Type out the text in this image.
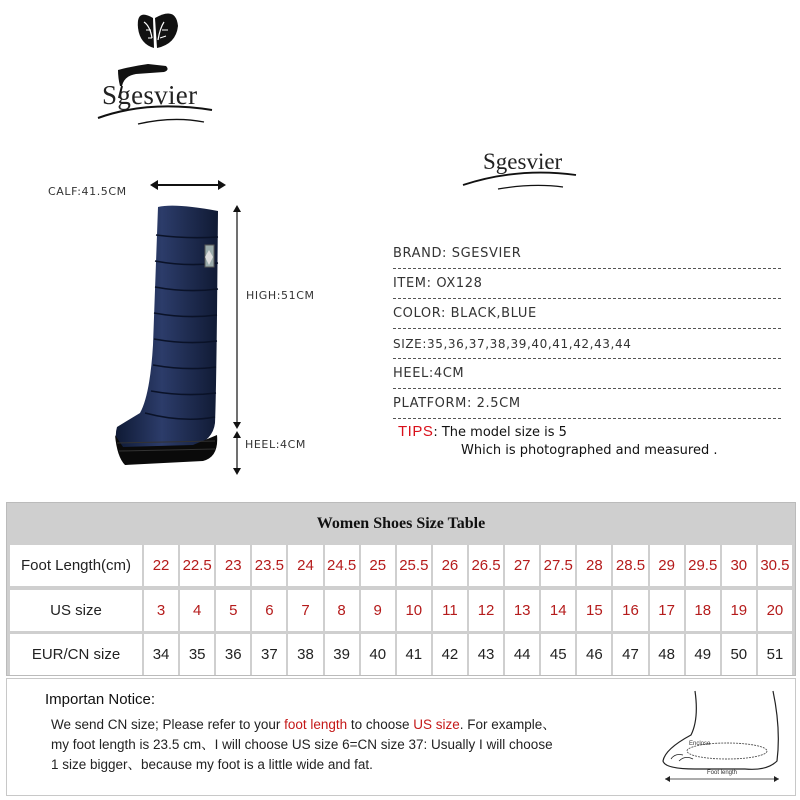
Sgesvier
Sgesvier
CALF:41.5CM
HIGH:51CM
HEEL:4CM
BRAND: SGESVIER
ITEM: OX128
COLOR: BLACK,BLUE
SIZE:35,36,37,38,39,40,41,42,43,44
HEEL:4CM
PLATFORM: 2.5CM
TIPS: The model size is 5
Which is photographed and measured .
Women Shoes Size Table
Foot Length(cm)	22 22.5 23 23.5 24 24.5 25 25.5 26 26.5 27 27.5 28 28.5 29 29.5 30 30.5
US size	3	4	5	6	7	8	9	10	11	12	13	14	15	16	17	18	19	20
EUR/CN size	34	35	36	37	38	39	40	41	42	43	44	45	46	47	48	49	50	51
Importan Notice:
We send CN size; Please refer to your foot length to choose US size. For example、
my foot length is 23.5 cm、I will choose US size 6=CN size 37: Usually I will choose
1 size bigger、because my foot is a little wide and fat.
Enclose
Foot length
